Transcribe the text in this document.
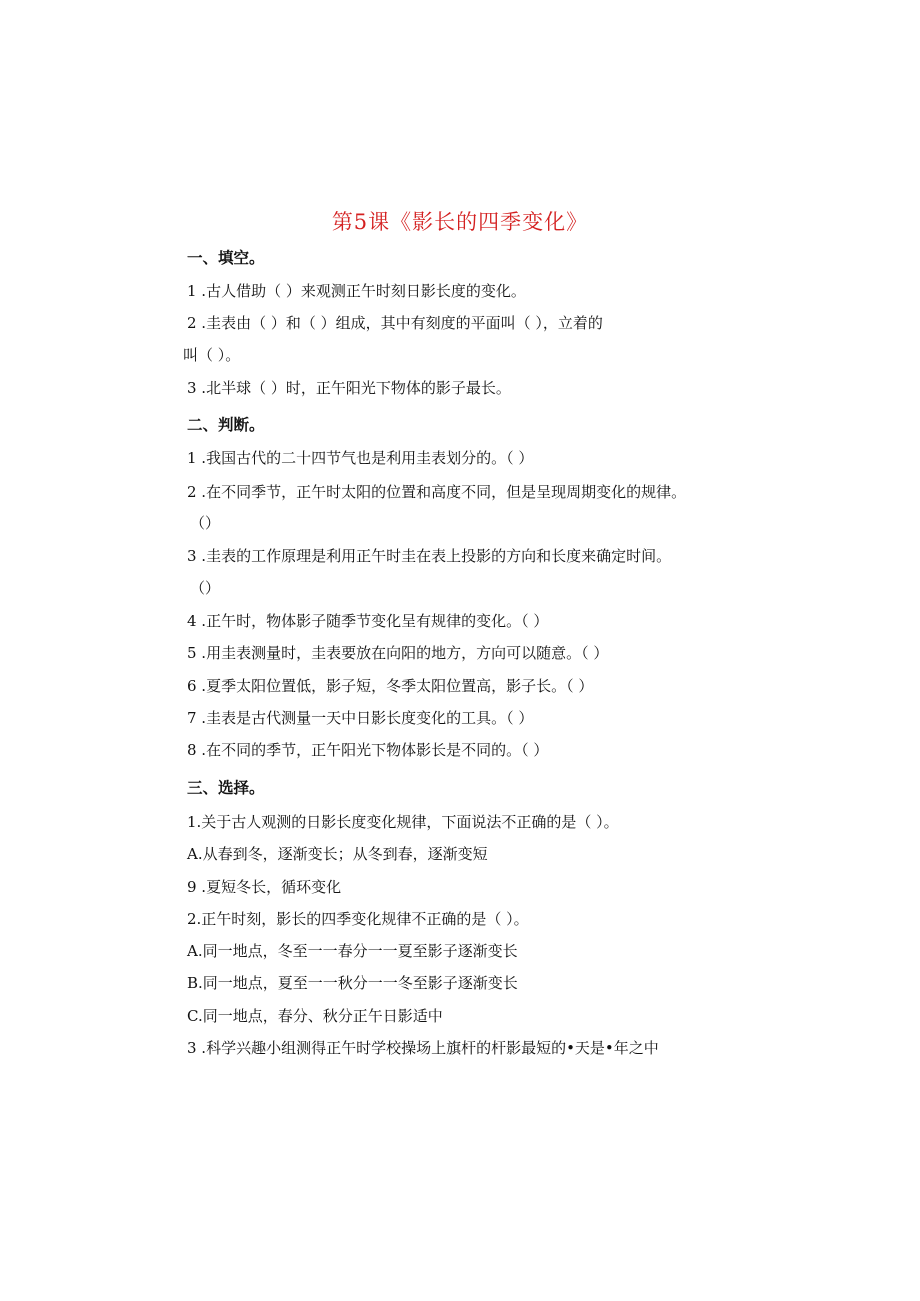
第5课《影长的四季变化》
一、填空。
1 .古人借助（ ）来观测正午时刻日影长度的变化。
2 .圭表由（ ）和（ ）组成，其中有刻度的平面叫（ ），立着的
叫（ ）。
3 .北半球（ ）时，正午阳光下物体的影子最长。
二、判断。
1 .我国古代的二十四节气也是利用圭表划分的。（ ）
2 .在不同季节，正午时太阳的位置和高度不同，但是呈现周期变化的规律。
（）
3 .圭表的工作原理是利用正午时圭在表上投影的方向和长度来确定时间。
（）
4 .正午时，物体影子随季节变化呈有规律的变化。（ ）
5 .用圭表测量时，圭表要放在向阳的地方，方向可以随意。（ ）
6 .夏季太阳位置低，影子短，冬季太阳位置高，影子长。（ ）
7 .圭表是古代测量一天中日影长度变化的工具。（ ）
8 .在不同的季节，正午阳光下物体影长是不同的。（ ）
三、选择。
1.关于古人观测的日影长度变化规律，下面说法不正确的是（ ）。
A.从春到冬，逐渐变长；从冬到春，逐渐变短
9 .夏短冬长，循环变化
2.正午时刻，影长的四季变化规律不正确的是（ ）。
A.同一地点，冬至一一春分一一夏至影子逐渐变长
B.同一地点，夏至一一秋分一一冬至影子逐渐变长
C.同一地点，春分、秋分正午日影适中
3 .科学兴趣小组测得正午时学校操场上旗杆的杆影最短的•天是•年之中
